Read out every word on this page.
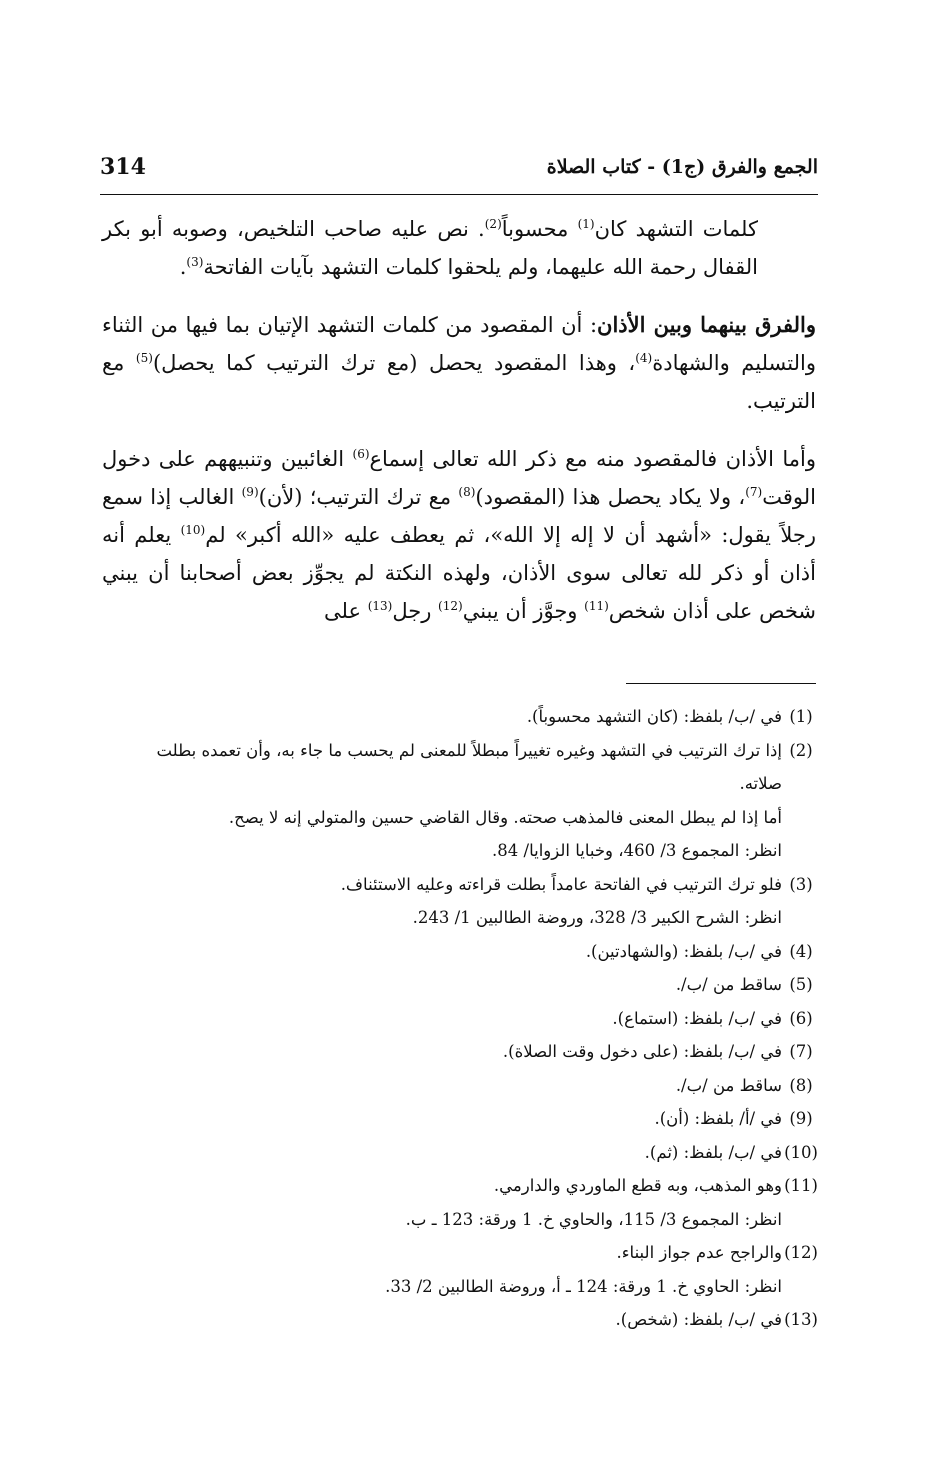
314	الجمع والفرق (ج1) - كتاب الصلاة

كلمات التشهد كان$^{(1)}$ محسوباً$^{(2)}$. نص عليه صاحب التلخيص، وصوبه أبو بكر القفال رحمة الله عليهما، ولم يلحقوا كلمات التشهد بآيات الفاتحة$^{(3)}$.

والفرق بينهما وبين الأذان: أن المقصود من كلمات التشهد الإتيان بما فيها من الثناء والتسليم والشهادة$^{(4)}$، وهذا المقصود يحصل (مع ترك الترتيب كما يحصل)$^{(5)}$ مع الترتيب.

وأما الأذان فالمقصود منه مع ذكر الله تعالى إسماع$^{(6)}$ الغائبين وتنبيههم على دخول الوقت$^{(7)}$، ولا يكاد يحصل هذا (المقصود)$^{(8)}$ مع ترك الترتيب؛ (لأن)$^{(9)}$ الغالب إذا سمع رجلاً يقول: «أشهد أن لا إله إلا الله»، ثم يعطف عليه «الله أكبر» لم$^{(10)}$ يعلم أنه أذان أو ذكر لله تعالى سوى الأذان، ولهذه النكتة لم يجوِّز بعض أصحابنا أن يبني شخص على أذان شخص$^{(11)}$ وجوَّز أن يبني$^{(12)}$ رجل$^{(13)}$ على

(1)
في /ب/ بلفظ: (كان التشهد محسوباً).
(2)
إذا ترك الترتيب في التشهد وغيره تغييراً مبطلاً للمعنى لم يحسب ما جاء به، وأن تعمده بطلت صلاته.
أما إذا لم يبطل المعنى فالمذهب صحته. وقال القاضي حسين والمتولي إنه لا يصح.
انظر: المجموع 3/ 460، وخبايا الزوايا/ 84.
(3)
فلو ترك الترتيب في الفاتحة عامداً بطلت قراءته وعليه الاستئناف.
انظر: الشرح الكبير 3/ 328، وروضة الطالبين 1/ 243.
(4)
في /ب/ بلفظ: (والشهادتين).
(5)
ساقط من /ب/.
(6)
في /ب/ بلفظ: (استماع).
(7)
في /ب/ بلفظ: (على دخول وقت الصلاة).
(8)
ساقط من /ب/.
(9)
في /أ/ بلفظ: (أن).
(10)
في /ب/ بلفظ: (ثم).
(11)
وهو المذهب، وبه قطع الماوردي والدارمي.
انظر: المجموع 3/ 115، والحاوي خ. 1 ورقة: 123 ـ ب.
(12)
والراجح عدم جواز البناء.
انظر: الحاوي خ. 1 ورقة: 124 ـ أ، وروضة الطالبين 2/ 33.
(13)
في /ب/ بلفظ: (شخص).
